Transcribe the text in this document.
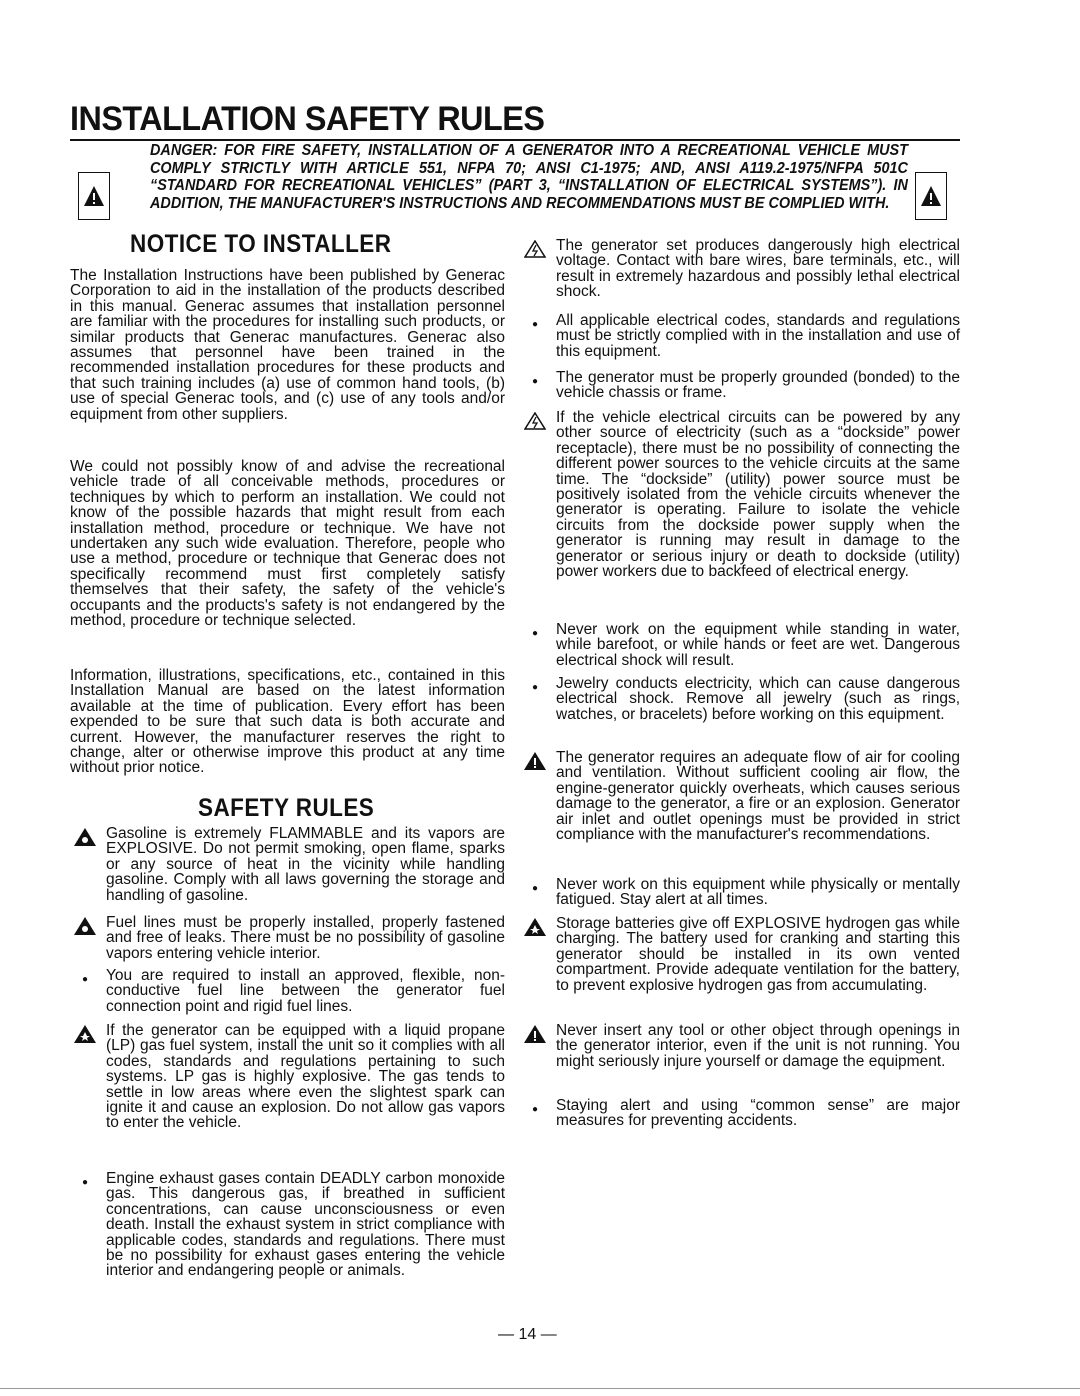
INSTALLATION SAFETY RULES
DANGER: FOR FIRE SAFETY, INSTALLATION OF A GENERATOR INTO A RECREATIONAL VEHICLE MUST COMPLY STRICTLY WITH ARTICLE 551, NFPA 70; ANSI C1-1975; AND, ANSI A119.2-1975/NFPA 501C “STANDARD FOR RECREATIONAL VEHICLES” (PART 3, “INSTALLATION OF ELECTRICAL SYSTEMS”). IN ADDITION, THE MANUFACTURER'S INSTRUCTIONS AND RECOMMENDATIONS MUST BE COMPLIED WITH.
NOTICE TO INSTALLER
The Installation Instructions have been published by Generac Corporation to aid in the installation of the products described in this manual. Generac assumes that installation personnel are familiar with the procedures for installing such products, or similar products that Generac manufactures. Generac also assumes that personnel have been trained in the recommended installation procedures for these products and that such training includes (a) use of common hand tools, (b) use of special Generac tools, and (c) use of any tools and/or equipment from other suppliers.
We could not possibly know of and advise the recreational vehicle trade of all conceivable methods, procedures or techniques by which to perform an installation. We could not know of the possible hazards that might result from each installation method, procedure or technique. We have not undertaken any such wide evaluation. Therefore, people who use a method, procedure or technique that Generac does not specifically recommend must first completely satisfy themselves that their safety, the safety of the vehicle's occupants and the products's safety is not endangered by the method, procedure or technique selected.
Information, illustrations, specifications, etc., contained in this Installation Manual are based on the latest information available at the time of publication. Every effort has been expended to be sure that such data is both accurate and current. However, the manufacturer reserves the right to change, alter or otherwise improve this product at any time without prior notice.
SAFETY RULES
Gasoline is extremely FLAMMABLE and its vapors are EXPLOSIVE. Do not permit smoking, open flame, sparks or any source of heat in the vicinity while handling gasoline. Comply with all laws governing the storage and handling of gasoline.
Fuel lines must be properly installed, properly fastened and free of leaks. There must be no possibility of gasoline vapors entering vehicle interior.
●	You are required to install an approved, flexible, non-conductive fuel line between the generator fuel connection point and rigid fuel lines.
If the generator can be equipped with a liquid propane (LP) gas fuel system, install the unit so it complies with all codes, standards and regulations pertaining to such systems. LP gas is highly explosive. The gas tends to settle in low areas where even the slightest spark can ignite it and cause an explosion. Do not allow gas vapors to enter the vehicle.
●	Engine exhaust gases contain DEADLY carbon monoxide gas. This dangerous gas, if breathed in sufficient concentrations, can cause unconsciousness or even death. Install the exhaust system in strict compliance with applicable codes, standards and regulations. There must be no possibility for exhaust gases entering the vehicle interior and endangering people or animals.
The generator set produces dangerously high electrical voltage. Contact with bare wires, bare terminals, etc., will result in extremely hazardous and possibly lethal electrical shock.
●	All applicable electrical codes, standards and regulations must be strictly complied with in the installation and use of this equipment.
●	The generator must be properly grounded (bonded) to the vehicle chassis or frame.
If the vehicle electrical circuits can be powered by any other source of electricity (such as a “dockside” power receptacle), there must be no possibility of connecting the different power sources to the vehicle circuits at the same time. The “dockside” (utility) power source must be positively isolated from the vehicle circuits whenever the generator is operating. Failure to isolate the vehicle circuits from the dockside power supply when the generator is running may result in damage to the generator or serious injury or death to dockside (utility) power workers due to backfeed of electrical energy.
●	Never work on the equipment while standing in water, while barefoot, or while hands or feet are wet. Dangerous electrical shock will result.
●	Jewelry conducts electricity, which can cause dangerous electrical shock. Remove all jewelry (such as rings, watches, or bracelets) before working on this equipment.
The generator requires an adequate flow of air for cooling and ventilation. Without sufficient cooling air flow, the engine-generator quickly overheats, which causes serious damage to the generator, a fire or an explosion. Generator air inlet and outlet openings must be provided in strict compliance with the manufacturer's recommendations.
●	Never work on this equipment while physically or mentally fatigued. Stay alert at all times.
Storage batteries give off EXPLOSIVE hydrogen gas while charging. The battery used for cranking and starting this generator should be installed in its own vented compartment. Provide adequate ventilation for the battery, to prevent explosive hydrogen gas from accumulating.
Never insert any tool or other object through openings in the generator interior, even if the unit is not running. You might seriously injure yourself or damage the equipment.
●	Staying alert and using “common sense” are major measures for preventing accidents.
— 14 —
